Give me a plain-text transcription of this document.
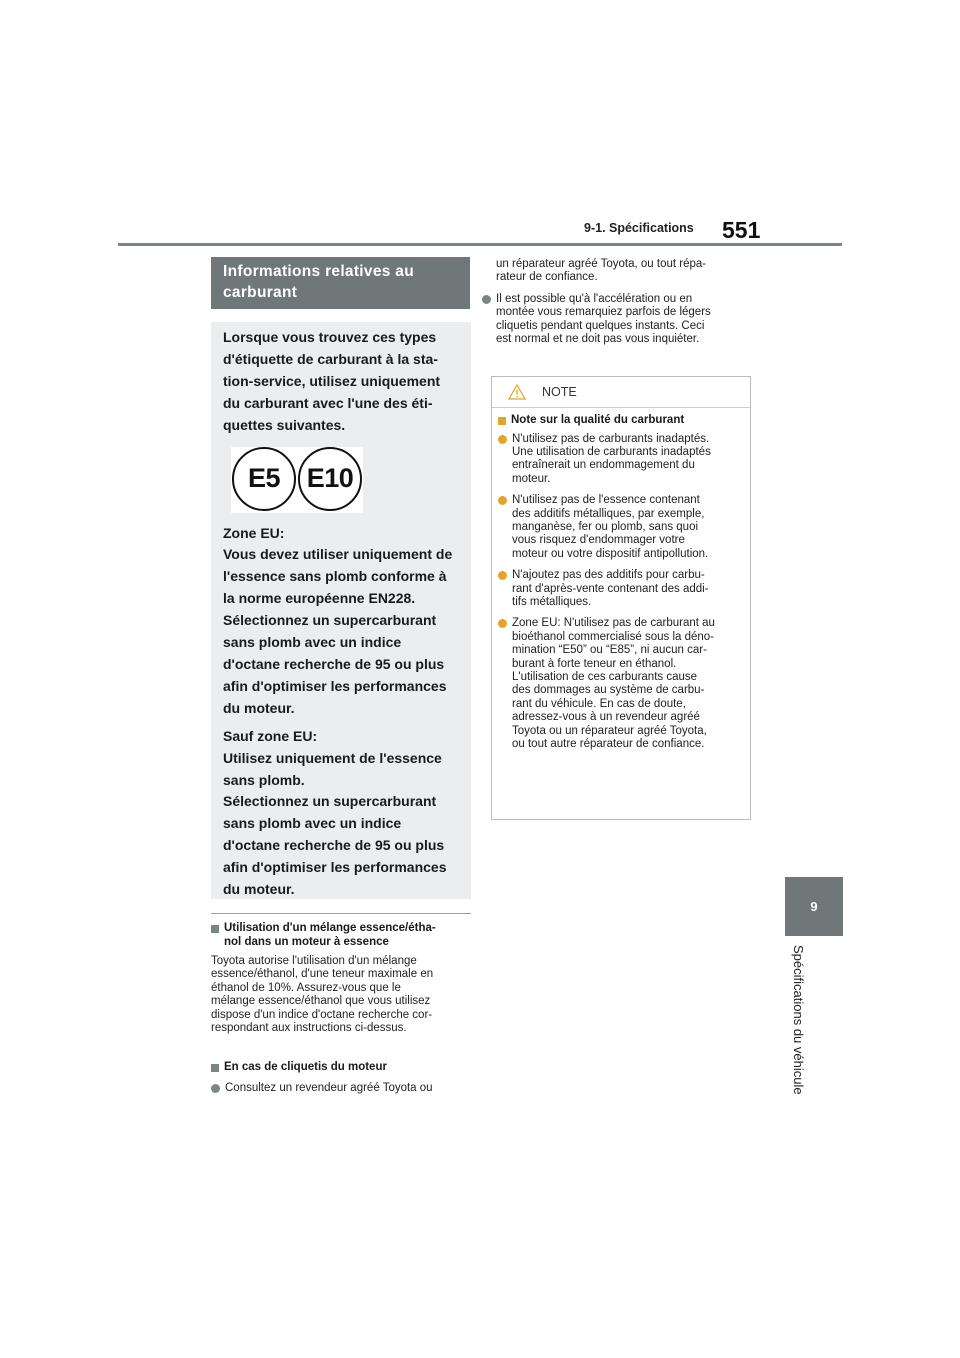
9-1. Spécifications 551
9
Spécifications du véhicule
Informations relatives au
carburant

Lorsque vous trouvez ces types

d'étiquette de carburant à la sta-

tion-service, utilisez uniquement

du carburant avec l'une des éti-

quettes suivantes.

E5 E10

Zone EU:

Vous devez utiliser uniquement de

l'essence sans plomb conforme à

la norme européenne EN228.

Sélectionnez un supercarburant

sans plomb avec un indice

d'octane recherche de 95 ou plus

afin d'optimiser les performances

du moteur.

Sauf zone EU:

Utilisez uniquement de l'essence

sans plomb.

Sélectionnez un supercarburant

sans plomb avec un indice

d'octane recherche de 95 ou plus

afin d'optimiser les performances

du moteur.

Utilisation d'un mélange essence/étha-
nol dans un moteur à essence
Toyota autorise l'utilisation d'un mélange
essence/éthanol, d'une teneur maximale en
éthanol de 10%. Assurez-vous que le
mélange essence/éthanol que vous utilisez
dispose d'un indice d'octane recherche cor-
respondant aux instructions ci-dessus.
En cas de cliquetis du moteur
Consultez un revendeur agréé Toyota ou
un réparateur agréé Toyota, ou tout répa-
rateur de confiance.
Il est possible qu'à l'accélération ou en
montée vous remarquiez parfois de légers
cliquetis pendant quelques instants. Ceci
est normal et ne doit pas vous inquiéter.
NOTE
Note sur la qualité du carburant
N'utilisez pas de carburants inadaptés.
Une utilisation de carburants inadaptés
entraînerait un endommagement du
moteur.
N'utilisez pas de l'essence contenant
des additifs métalliques, par exemple,
manganèse, fer ou plomb, sans quoi
vous risquez d'endommager votre
moteur ou votre dispositif antipollution.
N'ajoutez pas des additifs pour carbu-
rant d'après-vente contenant des addi-
tifs métalliques.
Zone EU: N'utilisez pas de carburant au
bioéthanol commercialisé sous la déno-
mination “E50” ou “E85”, ni aucun car-
burant à forte teneur en éthanol.
L'utilisation de ces carburants cause
des dommages au système de carbu-
rant du véhicule. En cas de doute,
adressez-vous à un revendeur agréé
Toyota ou un réparateur agréé Toyota,
ou tout autre réparateur de confiance.
